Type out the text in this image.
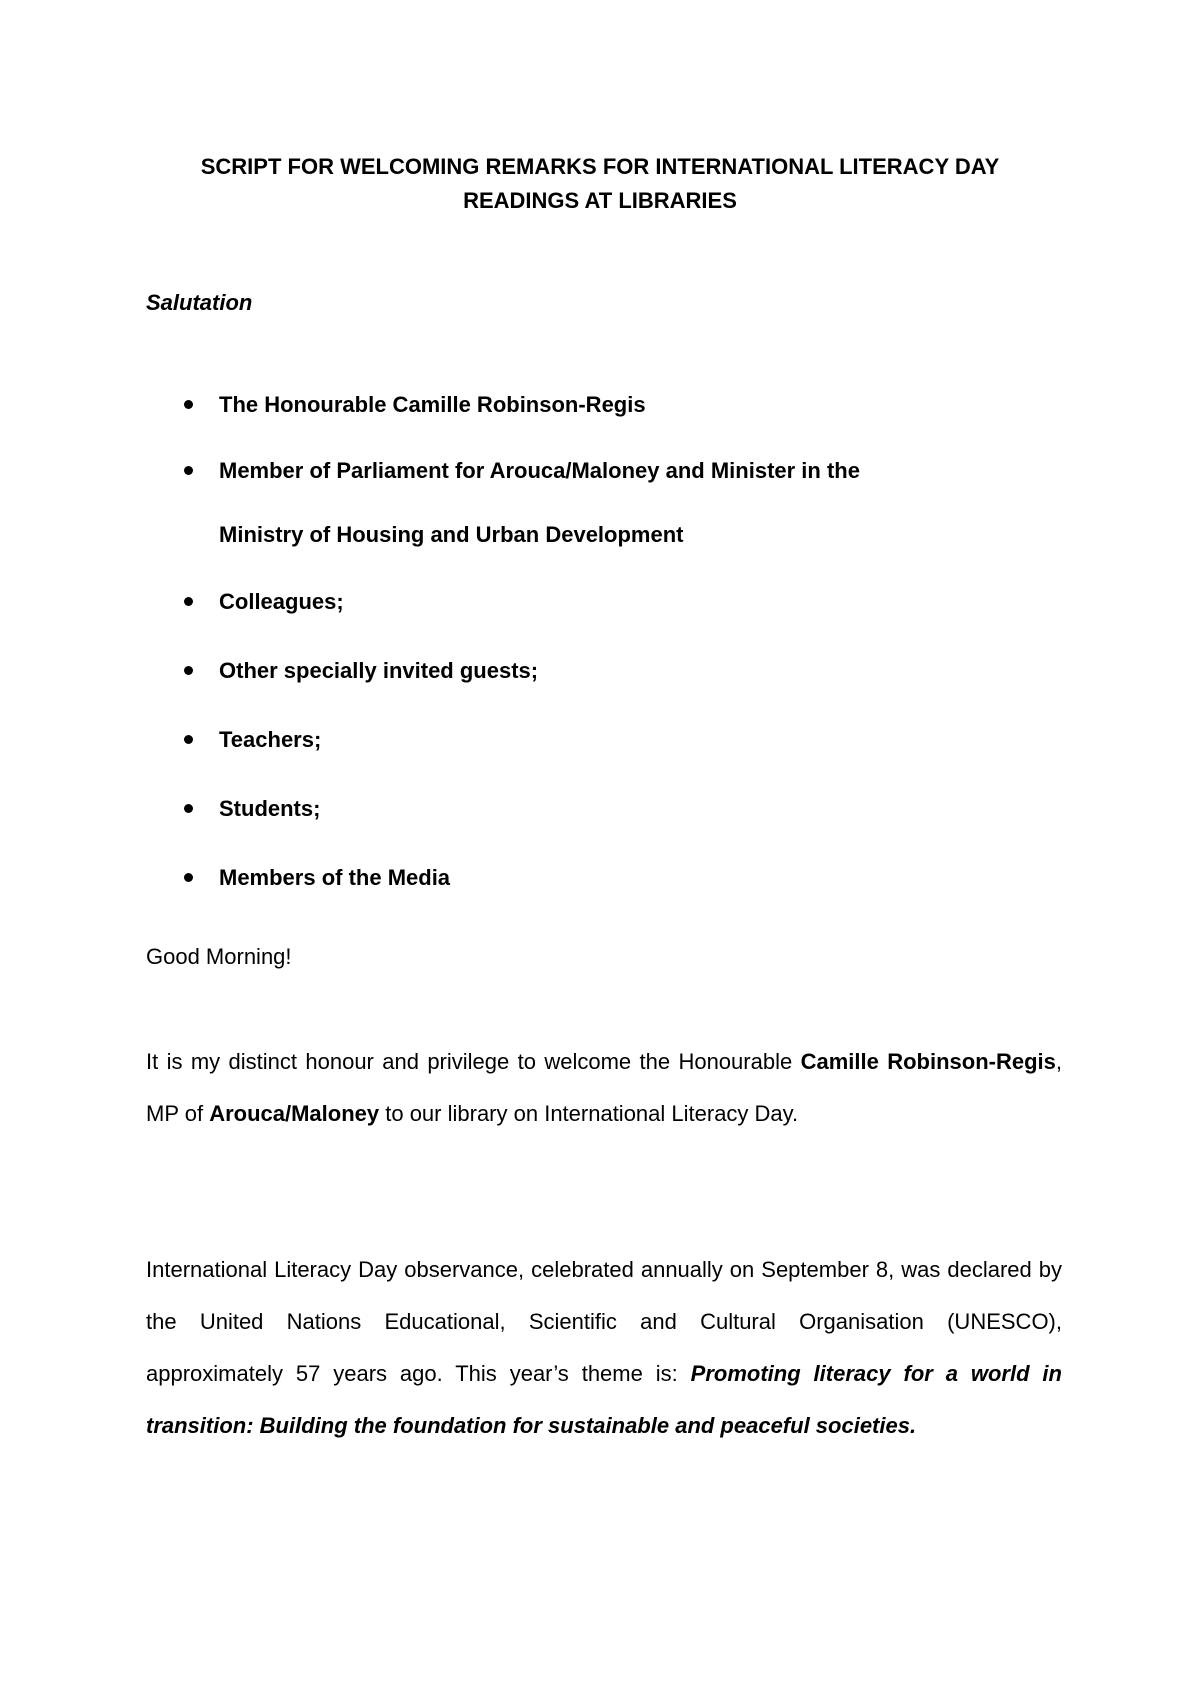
SCRIPT FOR WELCOMING REMARKS FOR INTERNATIONAL LITERACY DAY
READINGS AT LIBRARIES
Salutation
The Honourable Camille Robinson-Regis
Member of Parliament for Arouca/Maloney and Minister in the
Ministry of Housing and Urban Development
Colleagues;
Other specially invited guests;
Teachers;
Students;
Members of the Media
Good Morning!

It is my distinct honour and privilege to welcome the Honourable Camille Robinson-Regis, MP of Arouca/Maloney to our library on International Literacy Day.

International Literacy Day observance, celebrated annually on September 8, was declared by the United Nations Educational, Scientific and Cultural Organisation (UNESCO), approximately 57 years ago. This year’s theme is: Promoting literacy for a world in transition: Building the foundation for sustainable and peaceful societies.
